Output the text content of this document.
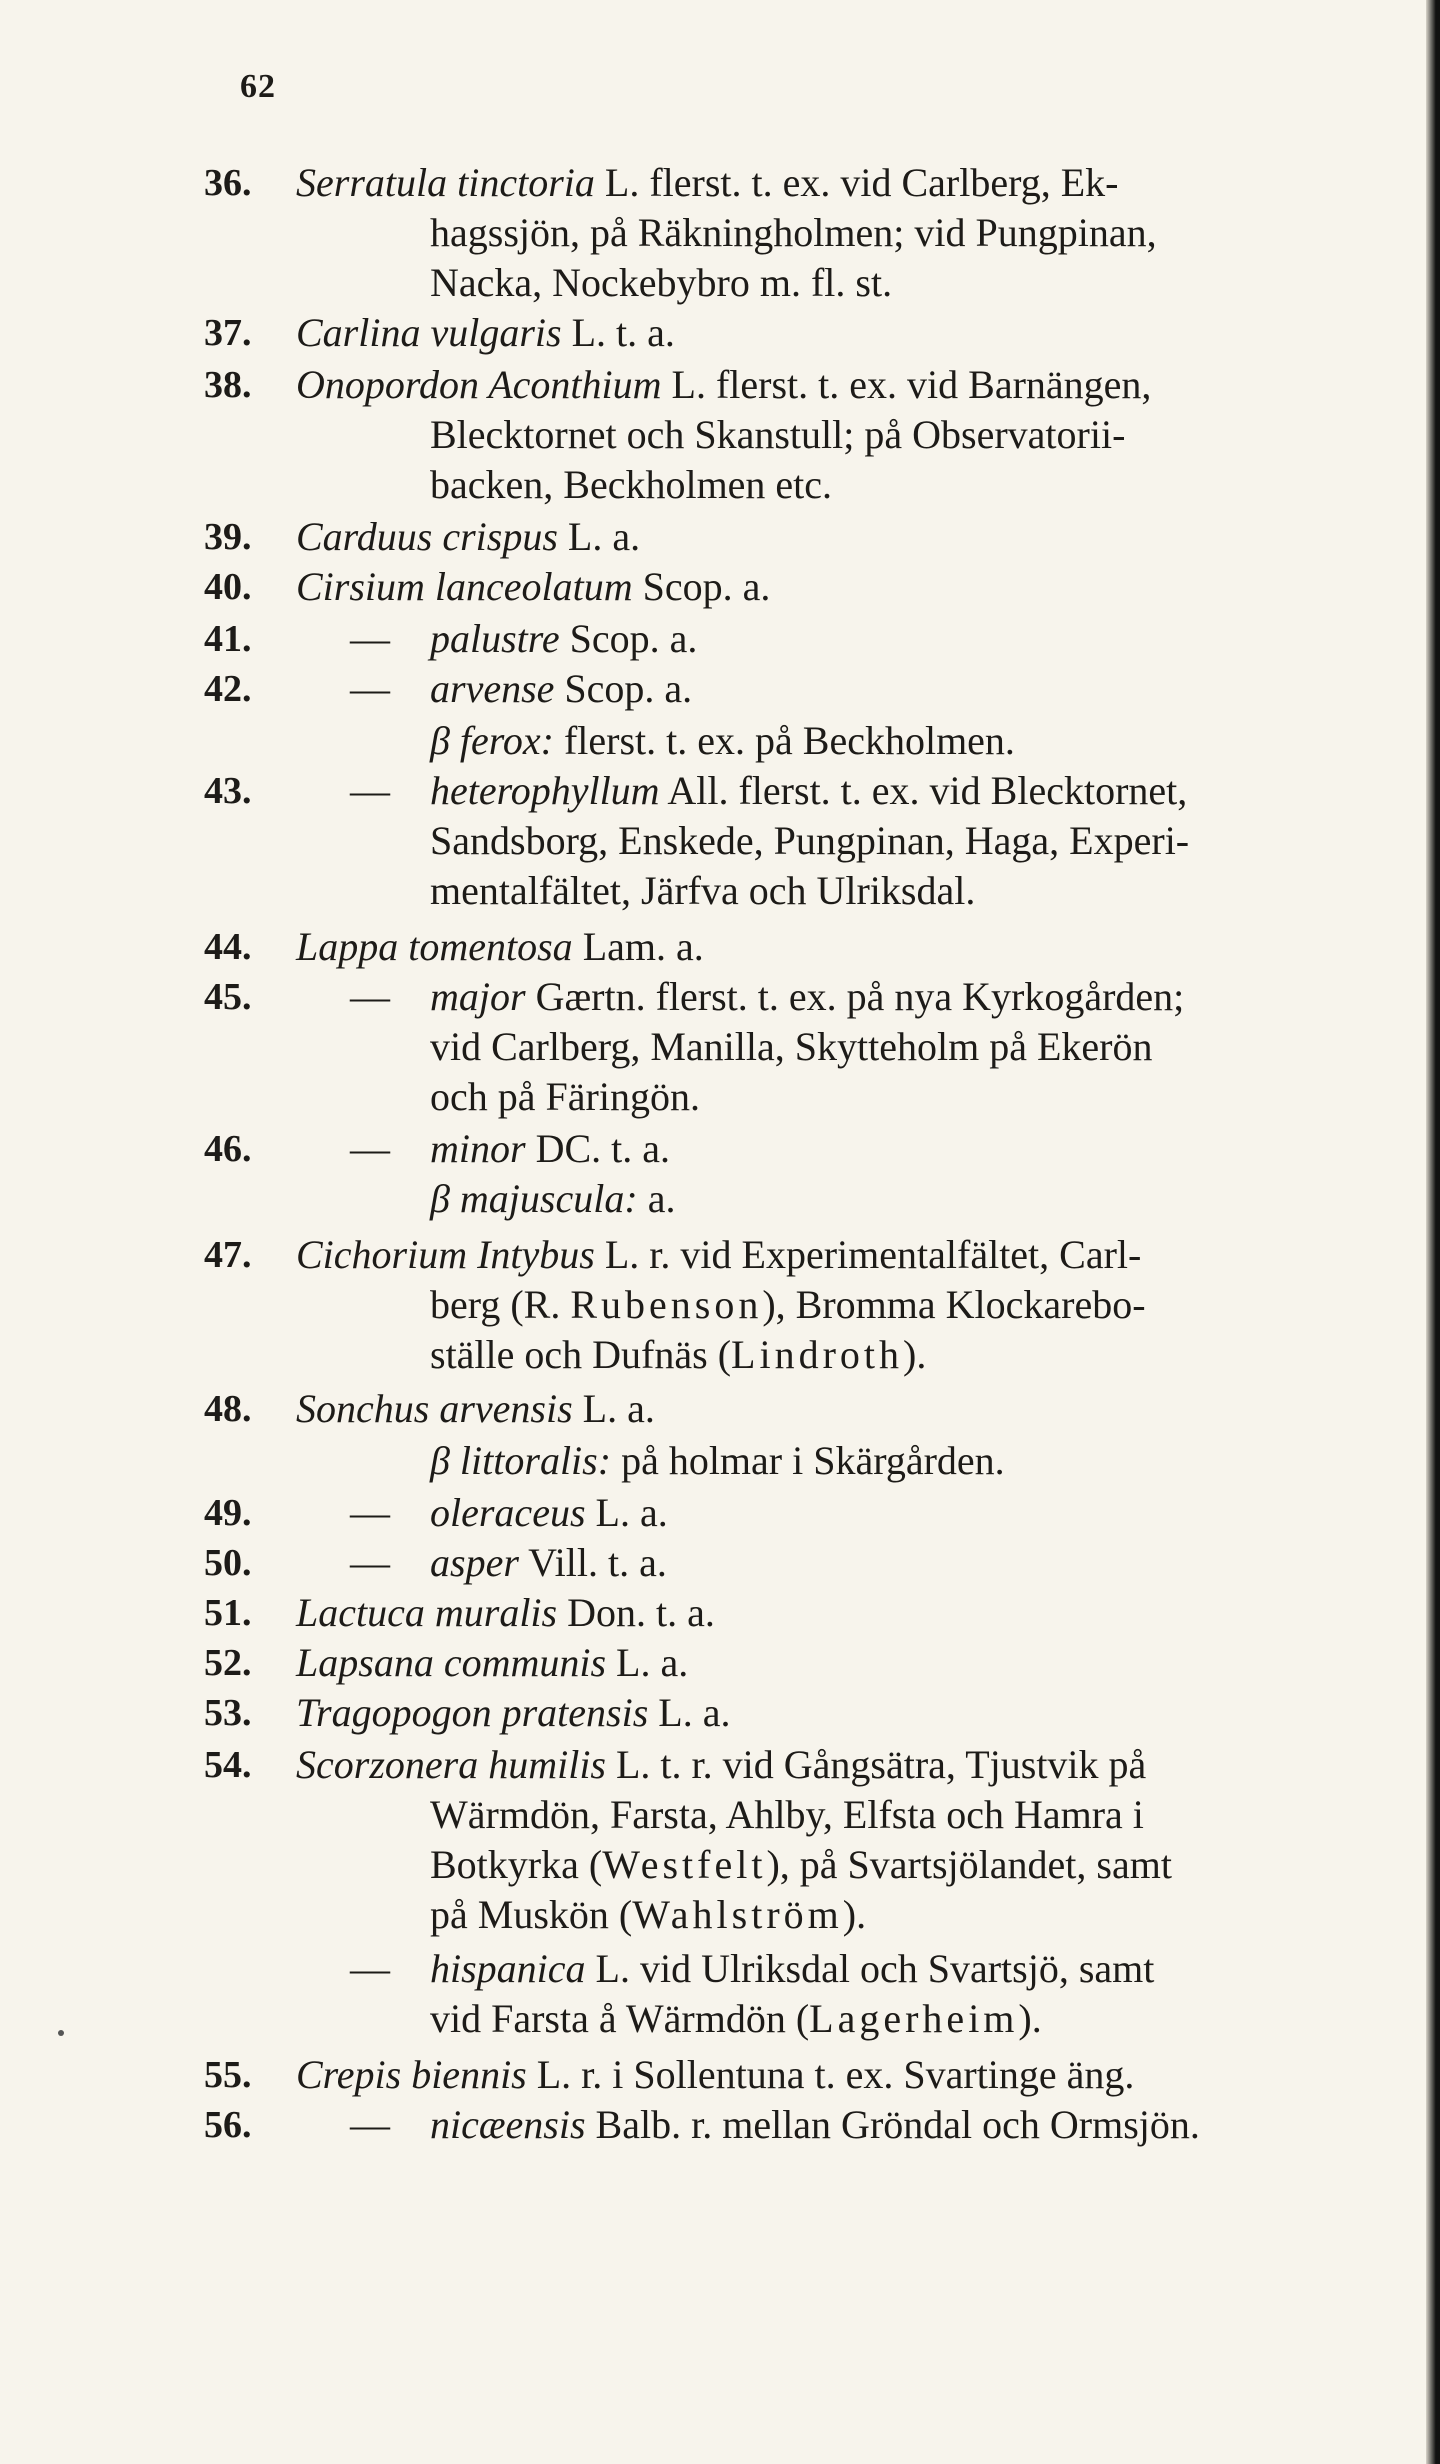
62
36.	Serratula tinctoria L. flerst. t. ex. vid Carlberg, Ek-
hagssjön, på Räkningholmen; vid Pungpinan,
Nacka, Nockebybro m. fl. st.
37.	Carlina vulgaris L. t. a.
38.	Onopordon Aconthium L. flerst. t. ex. vid Barnängen,
Blecktornet och Skanstull; på Observatorii-
backen, Beckholmen etc.
39.	Carduus crispus L. a.
40.	Cirsium lanceolatum Scop. a.
41.	— palustre Scop. a.
42.	— arvense Scop. a.
β ferox: flerst. t. ex. på Beckholmen.
43.	— heterophyllum All. flerst. t. ex. vid Blecktornet,
Sandsborg, Enskede, Pungpinan, Haga, Experi-
mentalfältet, Järfva och Ulriksdal.
44.	Lappa tomentosa Lam. a.
45.	— major Gærtn. flerst. t. ex. på nya Kyrkogården;
vid Carlberg, Manilla, Skytteholm på Ekerön
och på Färingön.
46.	— minor DC. t. a.
β majuscula: a.
47.	Cichorium Intybus L. r. vid Experimentalfältet, Carl-
berg (R. Rubenson), Bromma Klockarebo-
ställe och Dufnäs (Lindroth).
48.	Sonchus arvensis L. a.
β littoralis: på holmar i Skärgården.
49.	— oleraceus L. a.
50.	— asper Vill. t. a.
51.	Lactuca muralis Don. t. a.
52.	Lapsana communis L. a.
53.	Tragopogon pratensis L. a.
54.	Scorzonera humilis L. t. r. vid Gångsätra, Tjustvik på
Wärmdön, Farsta, Ahlby, Elfsta och Hamra i
Botkyrka (Westfelt), på Svartsjölandet, samt
på Muskön (Wahlström).
— hispanica L. vid Ulriksdal och Svartsjö, samt
vid Farsta å Wärmdön (Lagerheim).
55.	Crepis biennis L. r. i Sollentuna t. ex. Svartinge äng.
56.	— nicæensis Balb. r. mellan Gröndal och Ormsjön.
